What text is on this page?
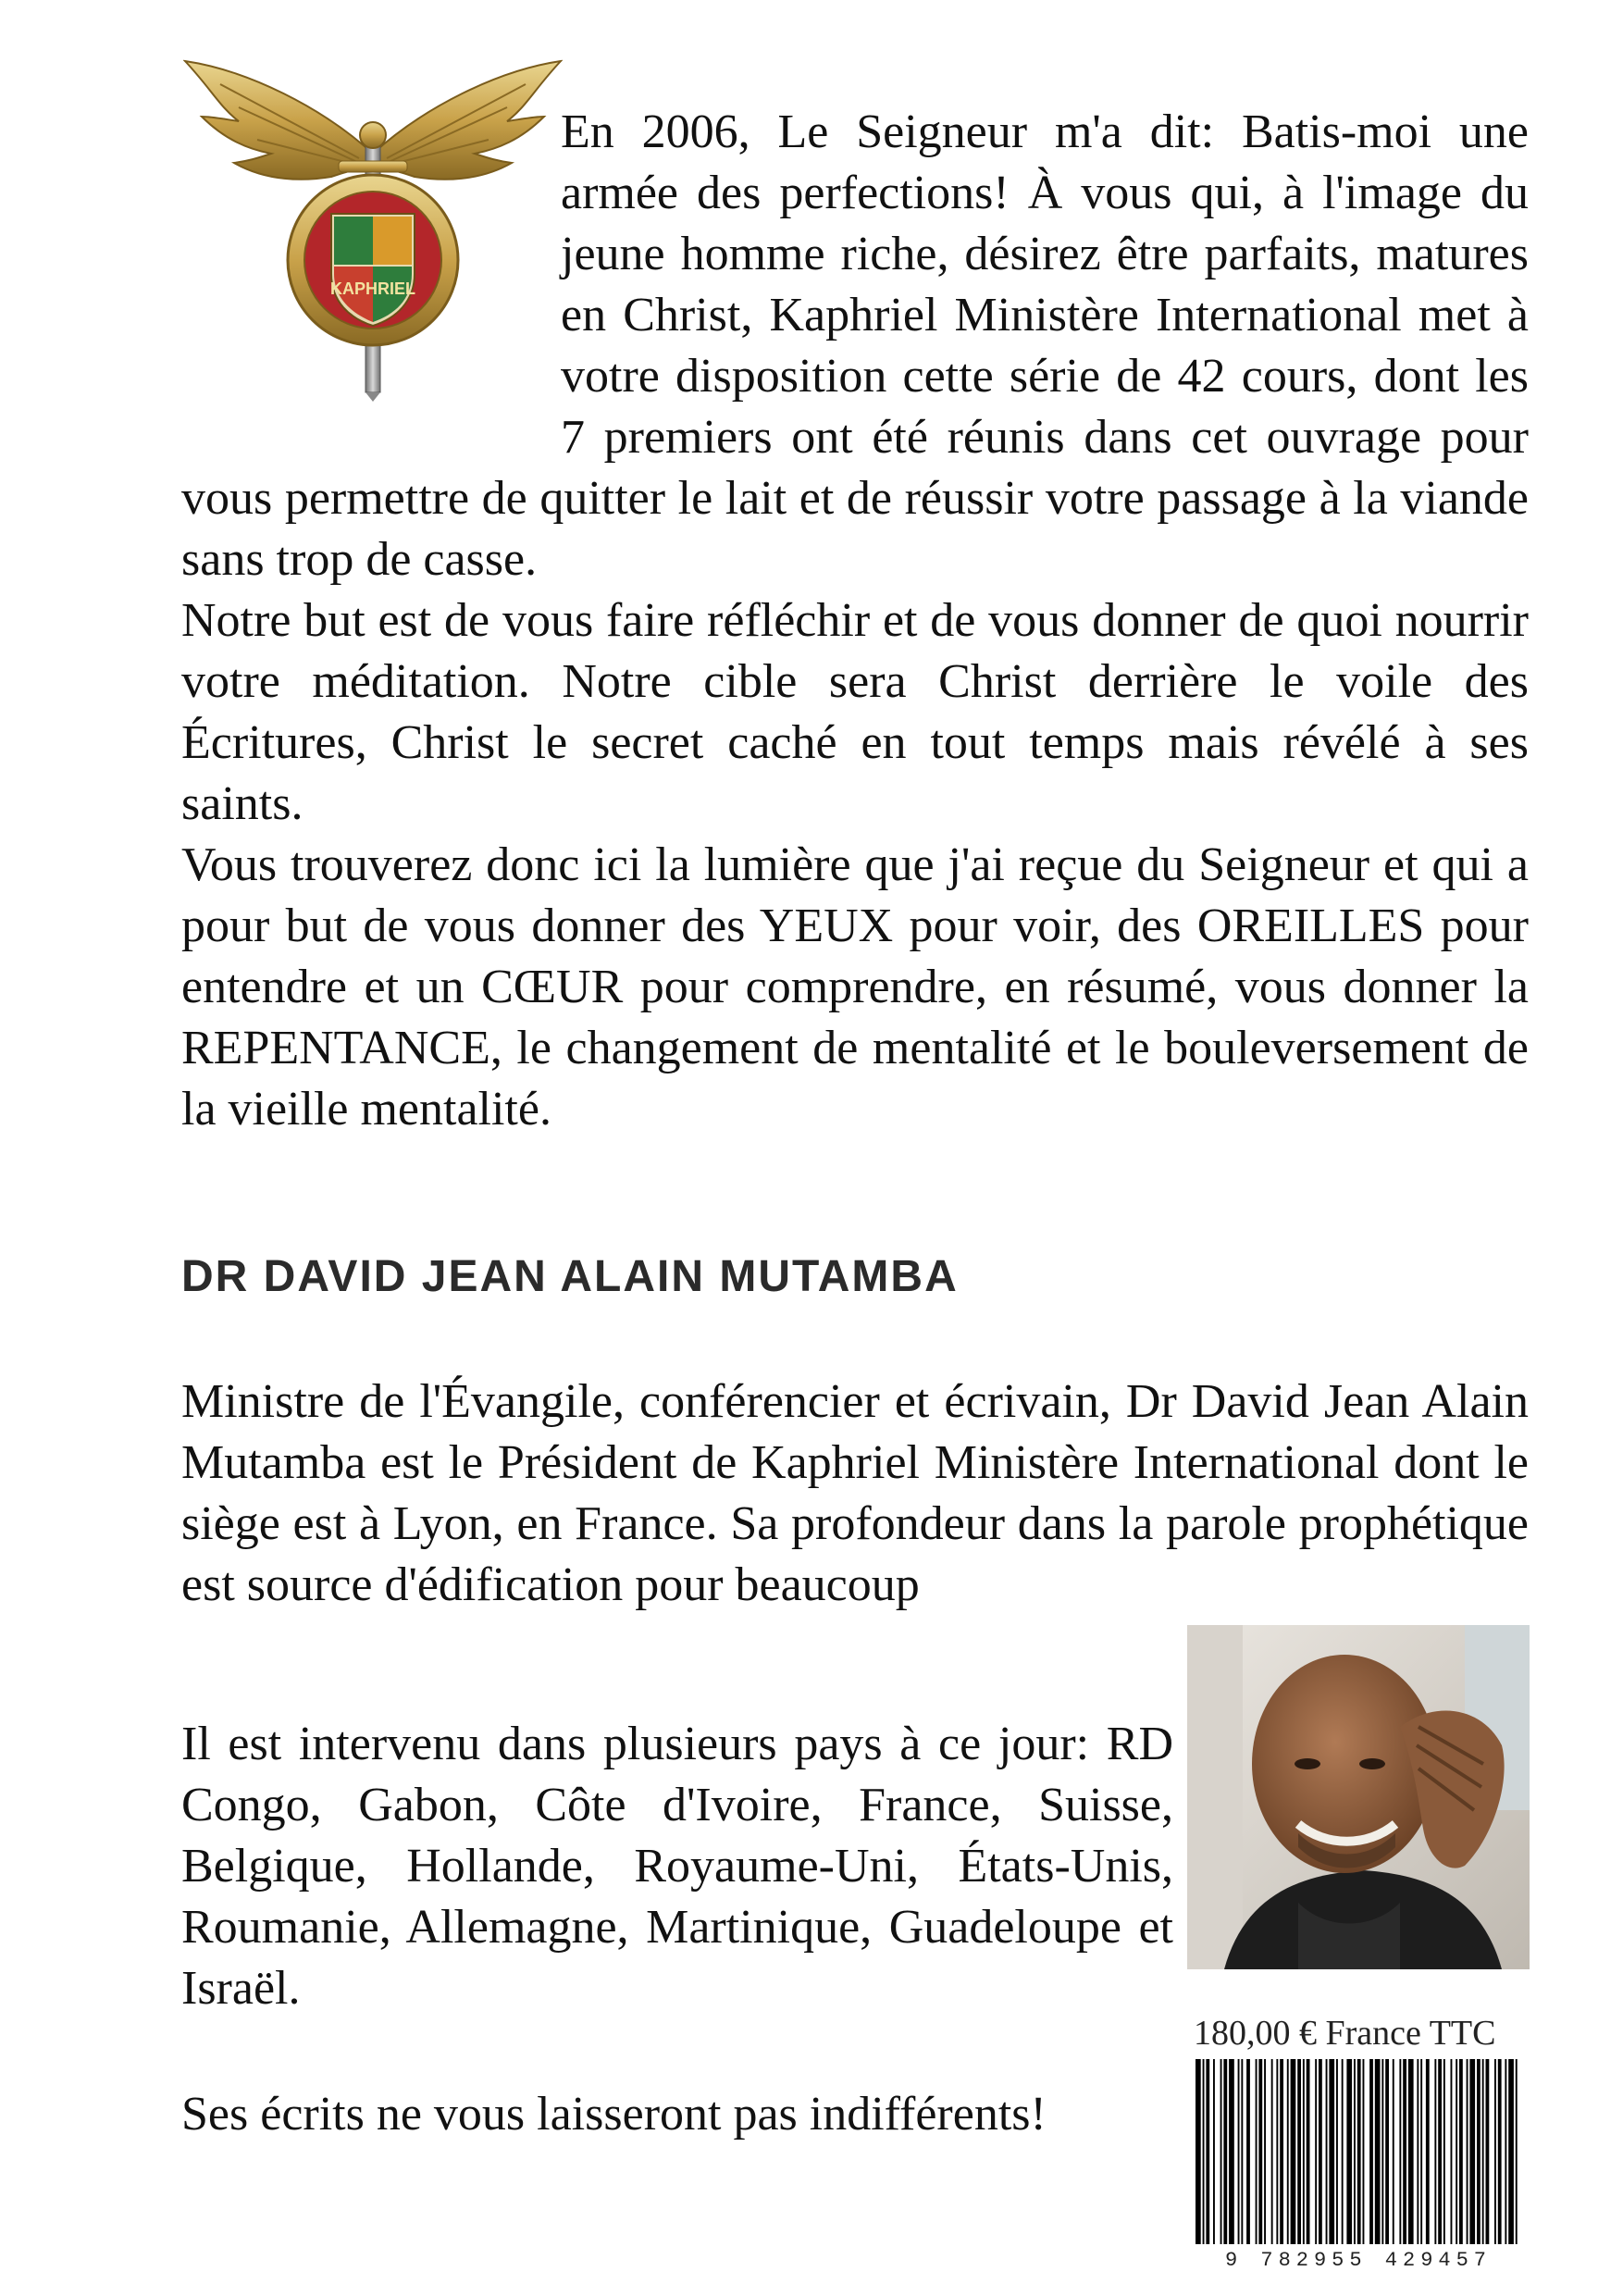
KAPHRIEL

En 2006, Le Seigneur m'a dit: Batis-moi une armée des perfections! À vous qui, à l'image du jeune homme riche, désirez être parfaits, matures en Christ, Kaphriel Ministère International met à votre disposition cette série de 42 cours, dont les 7 premiers ont été réunis dans cet ouvrage pour vous permettre de quitter le lait et de réussir votre passage à la viande sans trop de casse.

Notre but est de vous faire réfléchir et de vous donner de quoi nourrir votre méditation. Notre cible sera Christ derrière le voile des Écritures, Christ le secret caché en tout temps mais révélé à ses saints.

Vous trouverez donc ici la lumière que j'ai reçue du Seigneur et qui a pour but de vous donner des YEUX pour voir, des OREILLES pour entendre et un CŒUR pour comprendre, en résumé, vous donner la REPENTANCE, le changement de mentalité et le bouleversement de la vieille mentalité.

DR DAVID JEAN ALAIN MUTAMBA

Ministre de l'Évangile, conférencier et écrivain, Dr David Jean Alain Mutamba est le Président de Kaphriel Ministère International dont le siège est à Lyon, en France. Sa profondeur dans la parole prophétique est source d'édification pour beaucoup

Il est intervenu dans plusieurs pays à ce jour: RD Congo, Gabon, Côte d'Ivoire, France, Suisse, Belgique, Hollande, Royaume-Uni, États-Unis, Roumanie, Allemagne, Martinique, Guadeloupe et Israël.

Ses écrits ne vous laisseront pas indifférents!
180,00 € France TTC
9 782955 429457
